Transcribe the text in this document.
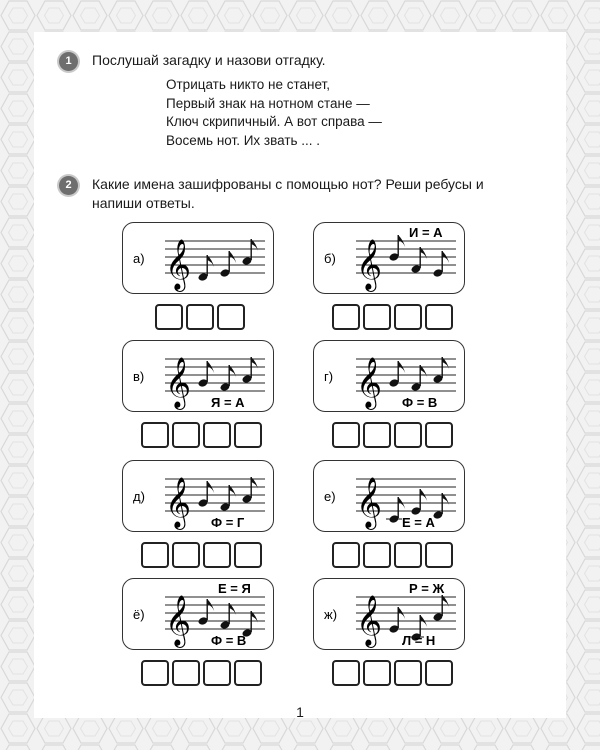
1	Послушай загадку и назови отгадку.
Отрицать никто не станет,
Первый знак на нотном стане —
Ключ скрипичный. А вот справа —
Восемь нот. Их звать ... .
2	Какие имена зашифрованы с помощью нот? Реши ребусы и
напиши ответы.
а) 𝄞	б) 𝄞
И = А
в) 𝄞 Я = А
г) 𝄞 Ф = В
д) 𝄞 Ф = Г
е) 𝄞 Е = А
ё) 𝄞
Е = Я
Ф = В
ж) 𝄞
Р = Ж
Л = Н
1
